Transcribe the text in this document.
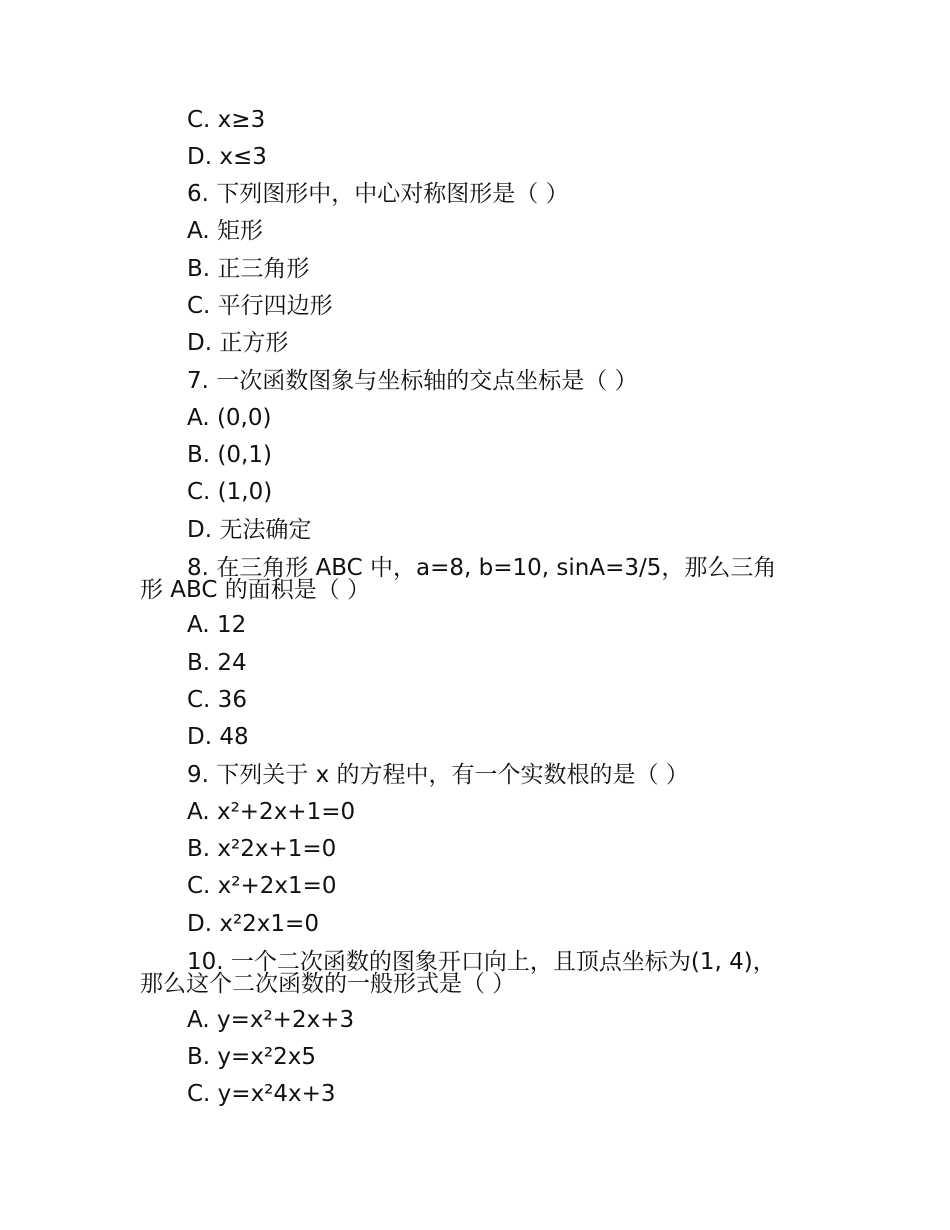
C. x≥3
D. x≤3
6. 下列图形中，中心对称图形是（ ）
A. 矩形
B. 正三角形
C. 平行四边形
D. 正方形
7. 一次函数图象与坐标轴的交点坐标是（ ）
A. (0,0)
B. (0,1)
C. (1,0)
D. 无法确定
8. 在三角形 ABC 中，a=8, b=10, sinA=3/5，那么三角
形 ABC 的面积是（ ）
A. 12
B. 24
C. 36
D. 48
9. 下列关于 x 的方程中，有一个实数根的是（ ）
A. x²+2x+1=0
B. x²2x+1=0
C. x²+2x1=0
D. x²2x1=0
10. 一个二次函数的图象开口向上，且顶点坐标为(1, 4)，
那么这个二次函数的一般形式是（ ）
A. y=x²+2x+3
B. y=x²2x5
C. y=x²4x+3
